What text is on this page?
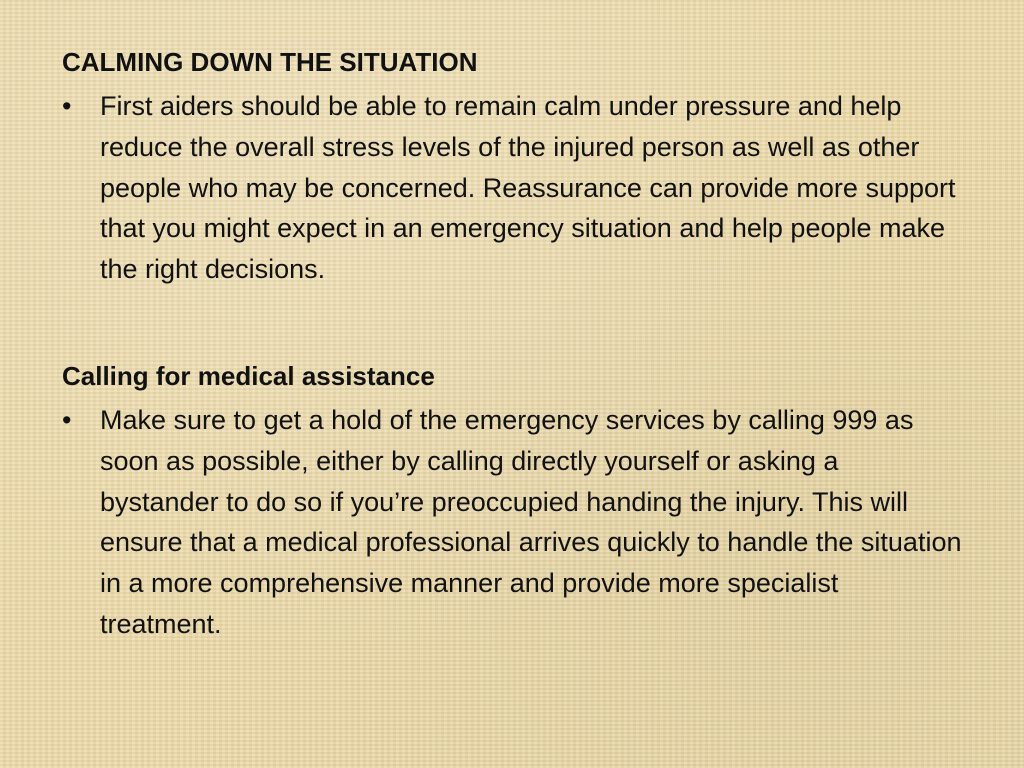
CALMING DOWN THE SITUATION
•	First aiders should be able to remain calm under pressure and help reduce the overall stress levels of the injured person as well as other people who may be concerned. Reassurance can provide more support that you might expect in an emergency situation and help people make the right decisions.
Calling for medical assistance
•	Make sure to get a hold of the emergency services by calling 999 as soon as possible, either by calling directly yourself or asking a bystander to do so if you’re preoccupied handing the injury. This will ensure that a medical professional arrives quickly to handle the situation in a more comprehensive manner and provide more specialist treatment.
